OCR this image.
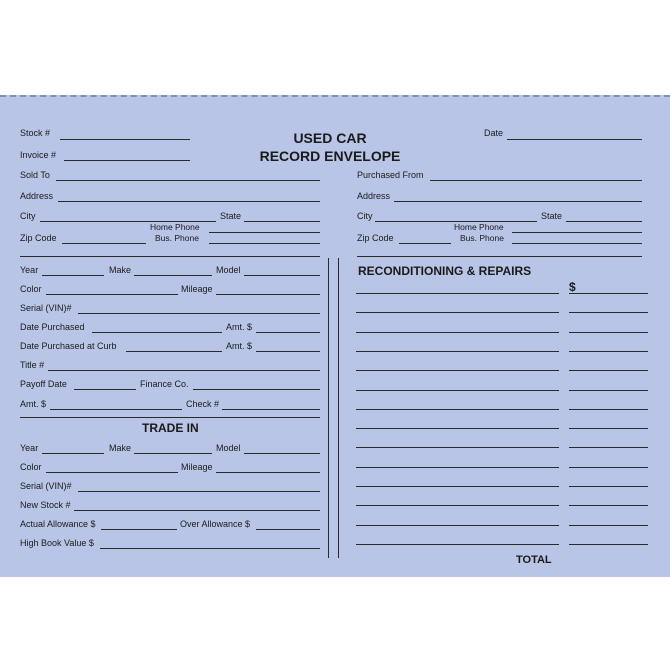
Stock #
Invoice #
USED CAR
RECORD ENVELOPE
Date
Sold To
Address
City	State
Home Phone
Zip Code	Bus. Phone
Purchased From
Address
City	State
Home Phone
Zip Code	Bus. Phone
Year	Make	Model
Color	Mileage
Serial (VIN)#
Date Purchased	Amt. $
Date Purchased at Curb	Amt. $
Title #
Payoff Date	Finance Co.
Amt. $	Check #
TRADE IN
Year	Make	Model
Color	Mileage
Serial (VIN)#
New Stock #
Actual Allowance $	Over Allowance $
High Book Value $
RECONDITIONING & REPAIRS
$
TOTAL
